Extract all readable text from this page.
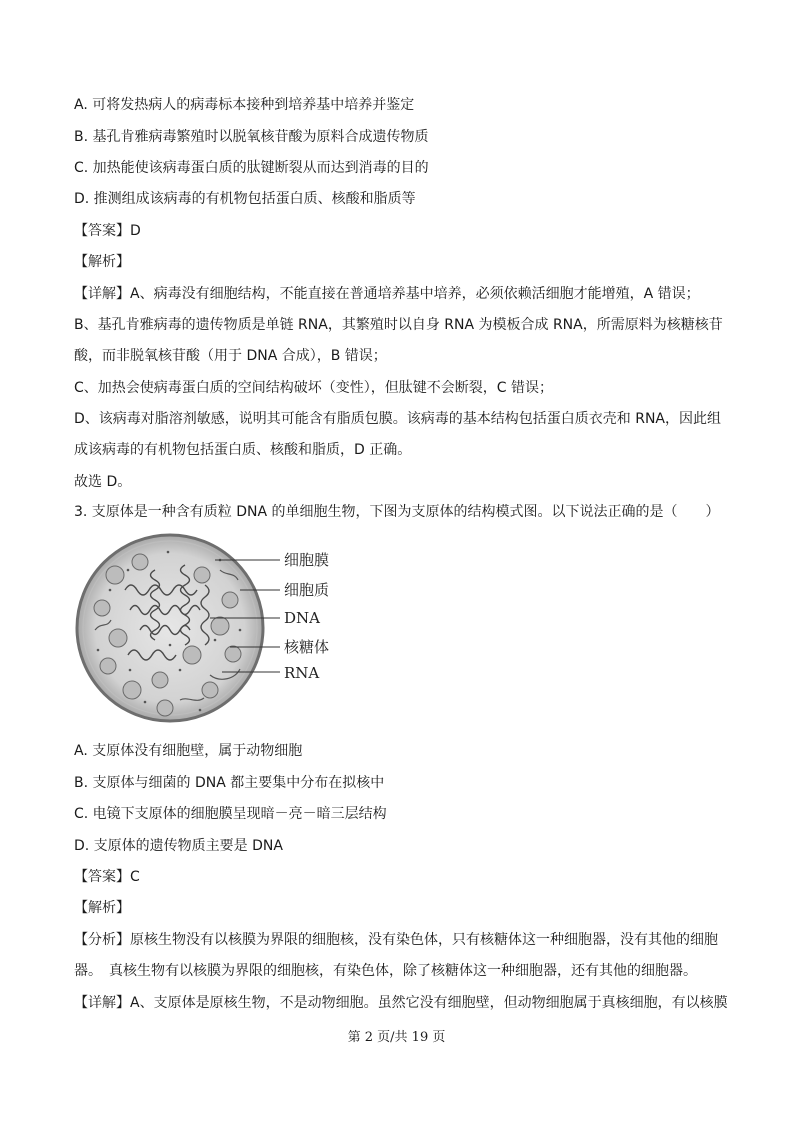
A. 可将发热病人的病毒标本接种到培养基中培养并鉴定
B. 基孔肯雅病毒繁殖时以脱氧核苷酸为原料合成遗传物质
C. 加热能使该病毒蛋白质的肽键断裂从而达到消毒的目的
D. 推测组成该病毒的有机物包括蛋白质、核酸和脂质等
【答案】D
【解析】
【详解】A、病毒没有细胞结构，不能直接在普通培养基中培养，必须依赖活细胞才能增殖，A 错误；
B、基孔肯雅病毒的遗传物质是单链 RNA，其繁殖时以自身 RNA 为模板合成 RNA，所需原料为核糖核苷
酸，而非脱氧核苷酸（用于 DNA 合成），B 错误；
C、加热会使病毒蛋白质的空间结构破坏（变性），但肽键不会断裂，C 错误；
D、该病毒对脂溶剂敏感，说明其可能含有脂质包膜。该病毒的基本结构包括蛋白质衣壳和 RNA，因此组
成该病毒的有机物包括蛋白质、核酸和脂质，D 正确。
故选 D。
3. 支原体是一种含有质粒 DNA 的单细胞生物，下图为支原体的结构模式图。以下说法正确的是（　　）
细胞膜
细胞质
DNA
核糖体
RNA
A. 支原体没有细胞壁，属于动物细胞
B. 支原体与细菌的 DNA 都主要集中分布在拟核中
C. 电镜下支原体的细胞膜呈现暗－亮－暗三层结构
D. 支原体的遗传物质主要是 DNA
【答案】C
【解析】
【分析】原核生物没有以核膜为界限的细胞核，没有染色体，只有核糖体这一种细胞器，没有其他的细胞
器。　真核生物有以核膜为界限的细胞核，有染色体，除了核糖体这一种细胞器，还有其他的细胞器。
【详解】A、支原体是原核生物，不是动物细胞。虽然它没有细胞壁，但动物细胞属于真核细胞，有以核膜
第 2 页/共 19 页
